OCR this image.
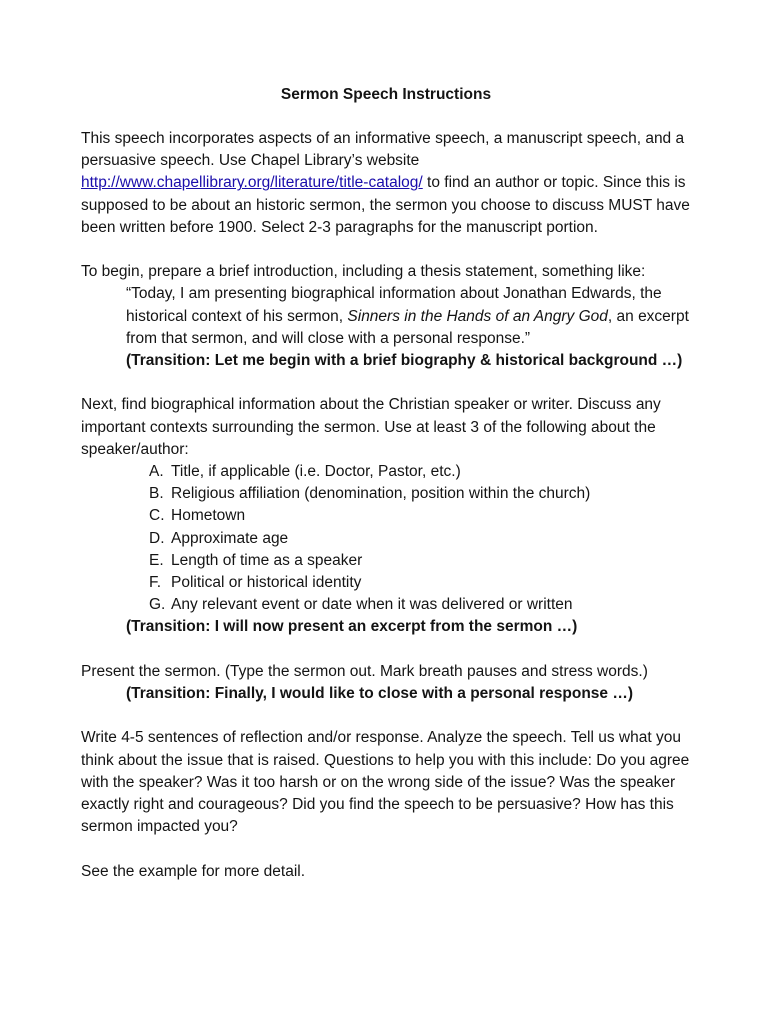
Sermon Speech Instructions

This speech incorporates aspects of an informative speech, a manuscript speech, and a persuasive speech. Use Chapel Library’s website http://www.chapellibrary.org/literature/title-catalog/ to find an author or topic. Since this is supposed to be about an historic sermon, the sermon you choose to discuss MUST have been written before 1900. Select 2-3 paragraphs for the manuscript portion.

To begin, prepare a brief introduction, including a thesis statement, something like:

“Today, I am presenting biographical information about Jonathan Edwards, the historical context of his sermon, Sinners in the Hands of an Angry God, an excerpt from that sermon, and will close with a personal response.”

(Transition: Let me begin with a brief biography & historical background …)

Next, find biographical information about the Christian speaker or writer. Discuss any important contexts surrounding the sermon. Use at least 3 of the following about the speaker/author:

A. Title, if applicable (i.e. Doctor, Pastor, etc.)
B. Religious affiliation (denomination, position within the church)
C. Hometown
D. Approximate age
E. Length of time as a speaker
F. Political or historical identity
G. Any relevant event or date when it was delivered or written

(Transition: I will now present an excerpt from the sermon …)

Present the sermon. (Type the sermon out. Mark breath pauses and stress words.)

(Transition: Finally, I would like to close with a personal response …)

Write 4-5 sentences of reflection and/or response. Analyze the speech. Tell us what you think about the issue that is raised. Questions to help you with this include: Do you agree with the speaker? Was it too harsh or on the wrong side of the issue? Was the speaker exactly right and courageous? Did you find the speech to be persuasive? How has this sermon impacted you?

See the example for more detail.
